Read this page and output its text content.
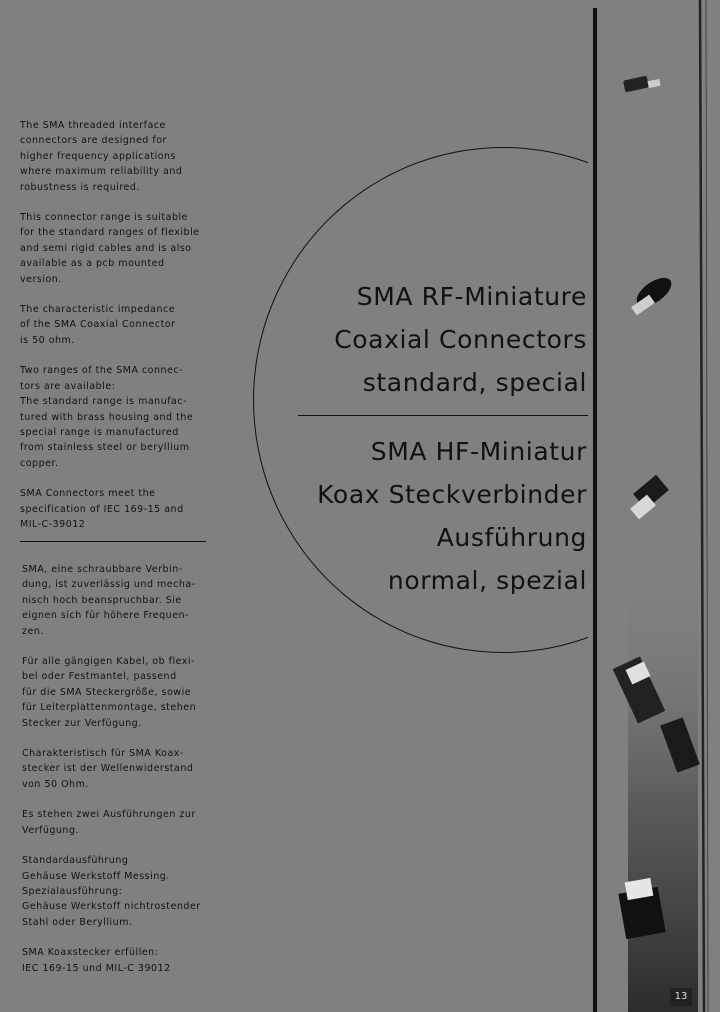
The SMA threaded interface
connectors are designed for
higher frequency applications
where maximum reliability and
robustness is required.

This connector range is suitable
for the standard ranges of flexible
and semi rigid cables and is also
available as a pcb mounted
version.

The characteristic impedance
of the SMA Coaxial Connector
is 50 ohm.

Two ranges of the SMA connec-
tors are available:
The standard range is manufac-
tured with brass housing and the
special range is manufactured
from stainless steel or beryllium
copper.

SMA Connectors meet the
specification of IEC 169-15 and
MIL-C-39012

SMA, eine schraubbare Verbin-
dung, ist zuverlässig und mecha-
nisch hoch beanspruchbar. Sie
eignen sich für höhere Frequen-
zen.

Für alle gängigen Kabel, ob flexi-
bel oder Festmantel, passend
für die SMA Steckergröße, sowie
für Leiterplattenmontage, stehen
Stecker zur Verfügung.

Charakteristisch für SMA Koax-
stecker ist der Wellenwiderstand
von 50 Ohm.

Es stehen zwei Ausführungen zur
Verfügung.

Standardausführung
Gehäuse Werkstoff Messing.
Spezialausführung:
Gehäuse Werkstoff nichtrostender
Stahl oder Beryllium.

SMA Koaxstecker erfüllen:
IEC 169-15 und MIL-C 39012

SMA RF-Miniature
Coaxial Connectors
standard, special
SMA HF-Miniatur
Koax Steckverbinder
Ausführung
normal, spezial
13
